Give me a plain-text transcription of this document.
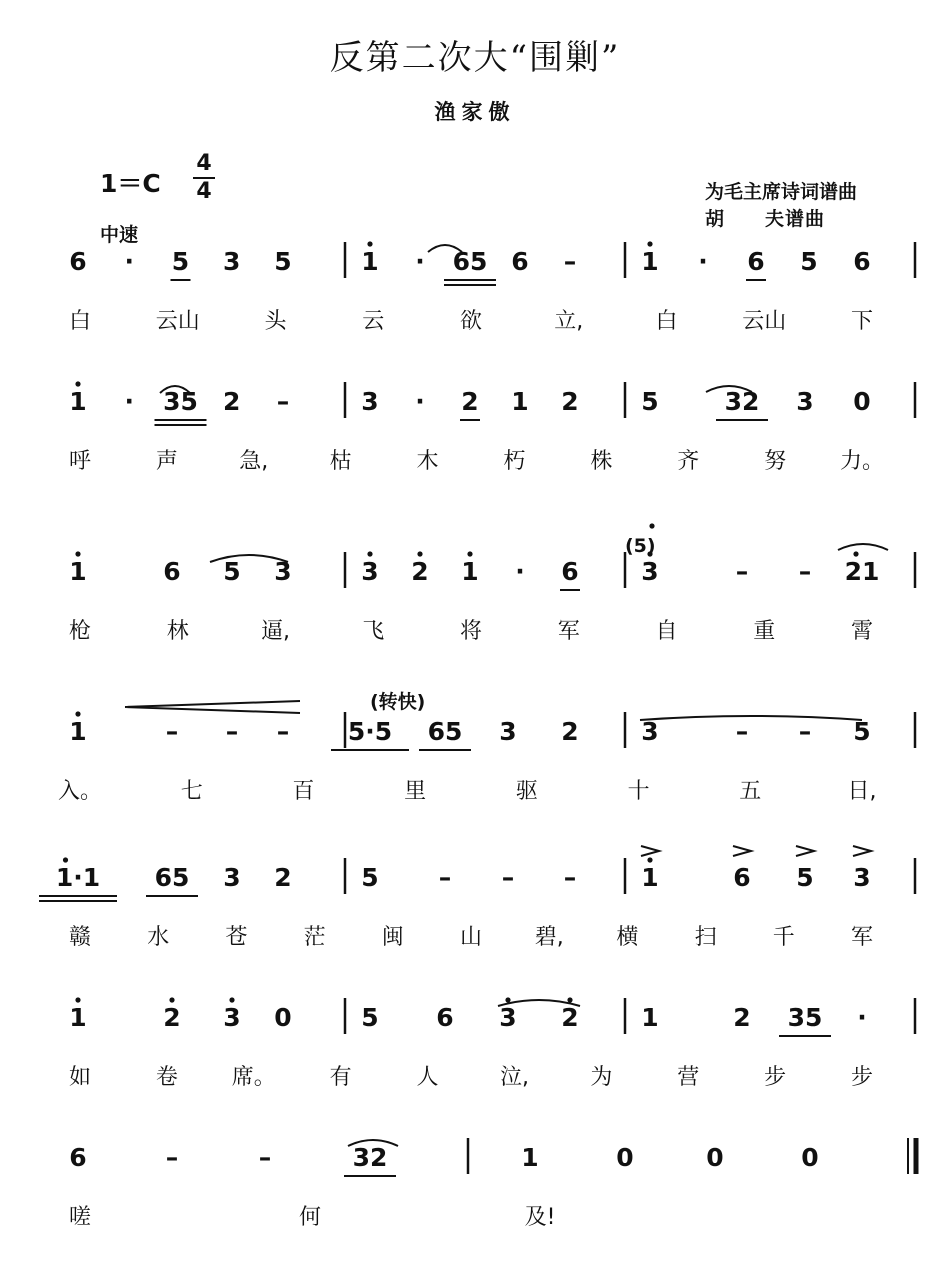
反第二次大“围剿”
渔家傲
1＝C
4
4
中速
为毛主席诗词谱曲
胡　　夫谱曲
6 · 5 3 5	1 · 65 6 –	1 · 6 5 6
白	云山	头	云	欲	立,	白	云山	下
1 · 35 2 –	3 · 2 1 2	5	32 3 0
呼	声	急,	枯	木	朽	株	齐	努 力。
1	6 5 3	3 2 1 · 6	3	– – 21
枪	林	逼,	飞	将	军	自	重	霄
1	– – – 5·5 65 3 2	3	– – 5
入。	七	百	里	驱	十	五	日,
1·1 65 3 2	5 – – –	1	6 5 3
赣	水	苍	茫	闽	山 碧, 横	扫	千	军
1	2 3 0	5 6 3 2	1	2 35 ·
如	卷 席。 有	人	泣,	为	营	步	步
6	–	–	32	1	0	0	0
嗟	何	及!
(转快)
(5)
